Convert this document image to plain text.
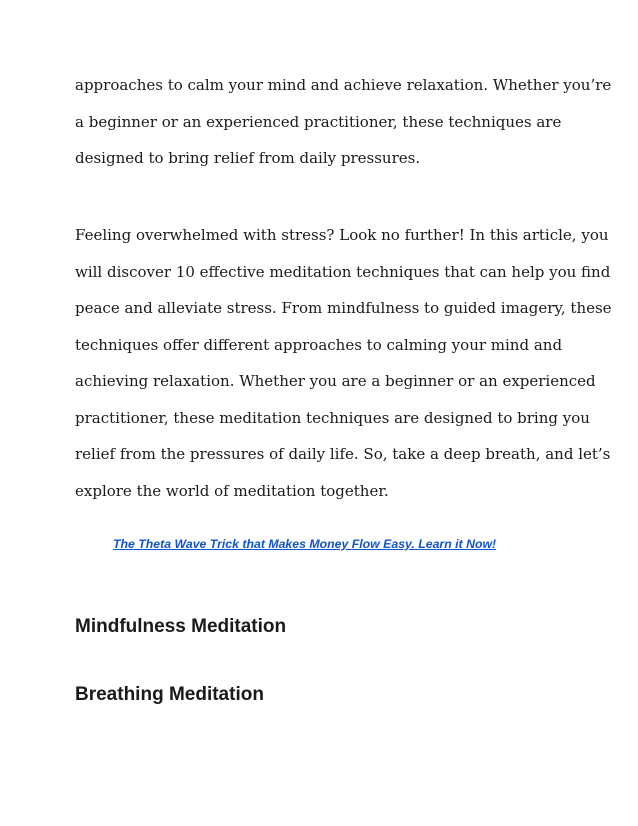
approaches to calm your mind and achieve relaxation. Whether you’re
a beginner or an experienced practitioner, these techniques are
designed to bring relief from daily pressures.
Feeling overwhelmed with stress? Look no further! In this article, you
will discover 10 effective meditation techniques that can help you find
peace and alleviate stress. From mindfulness to guided imagery, these
techniques offer different approaches to calming your mind and
achieving relaxation. Whether you are a beginner or an experienced
practitioner, these meditation techniques are designed to bring you
relief from the pressures of daily life. So, take a deep breath, and let’s
explore the world of meditation together.
The Theta Wave Trick that Makes Money Flow Easy. Learn it Now!
Mindfulness Meditation
Breathing Meditation
